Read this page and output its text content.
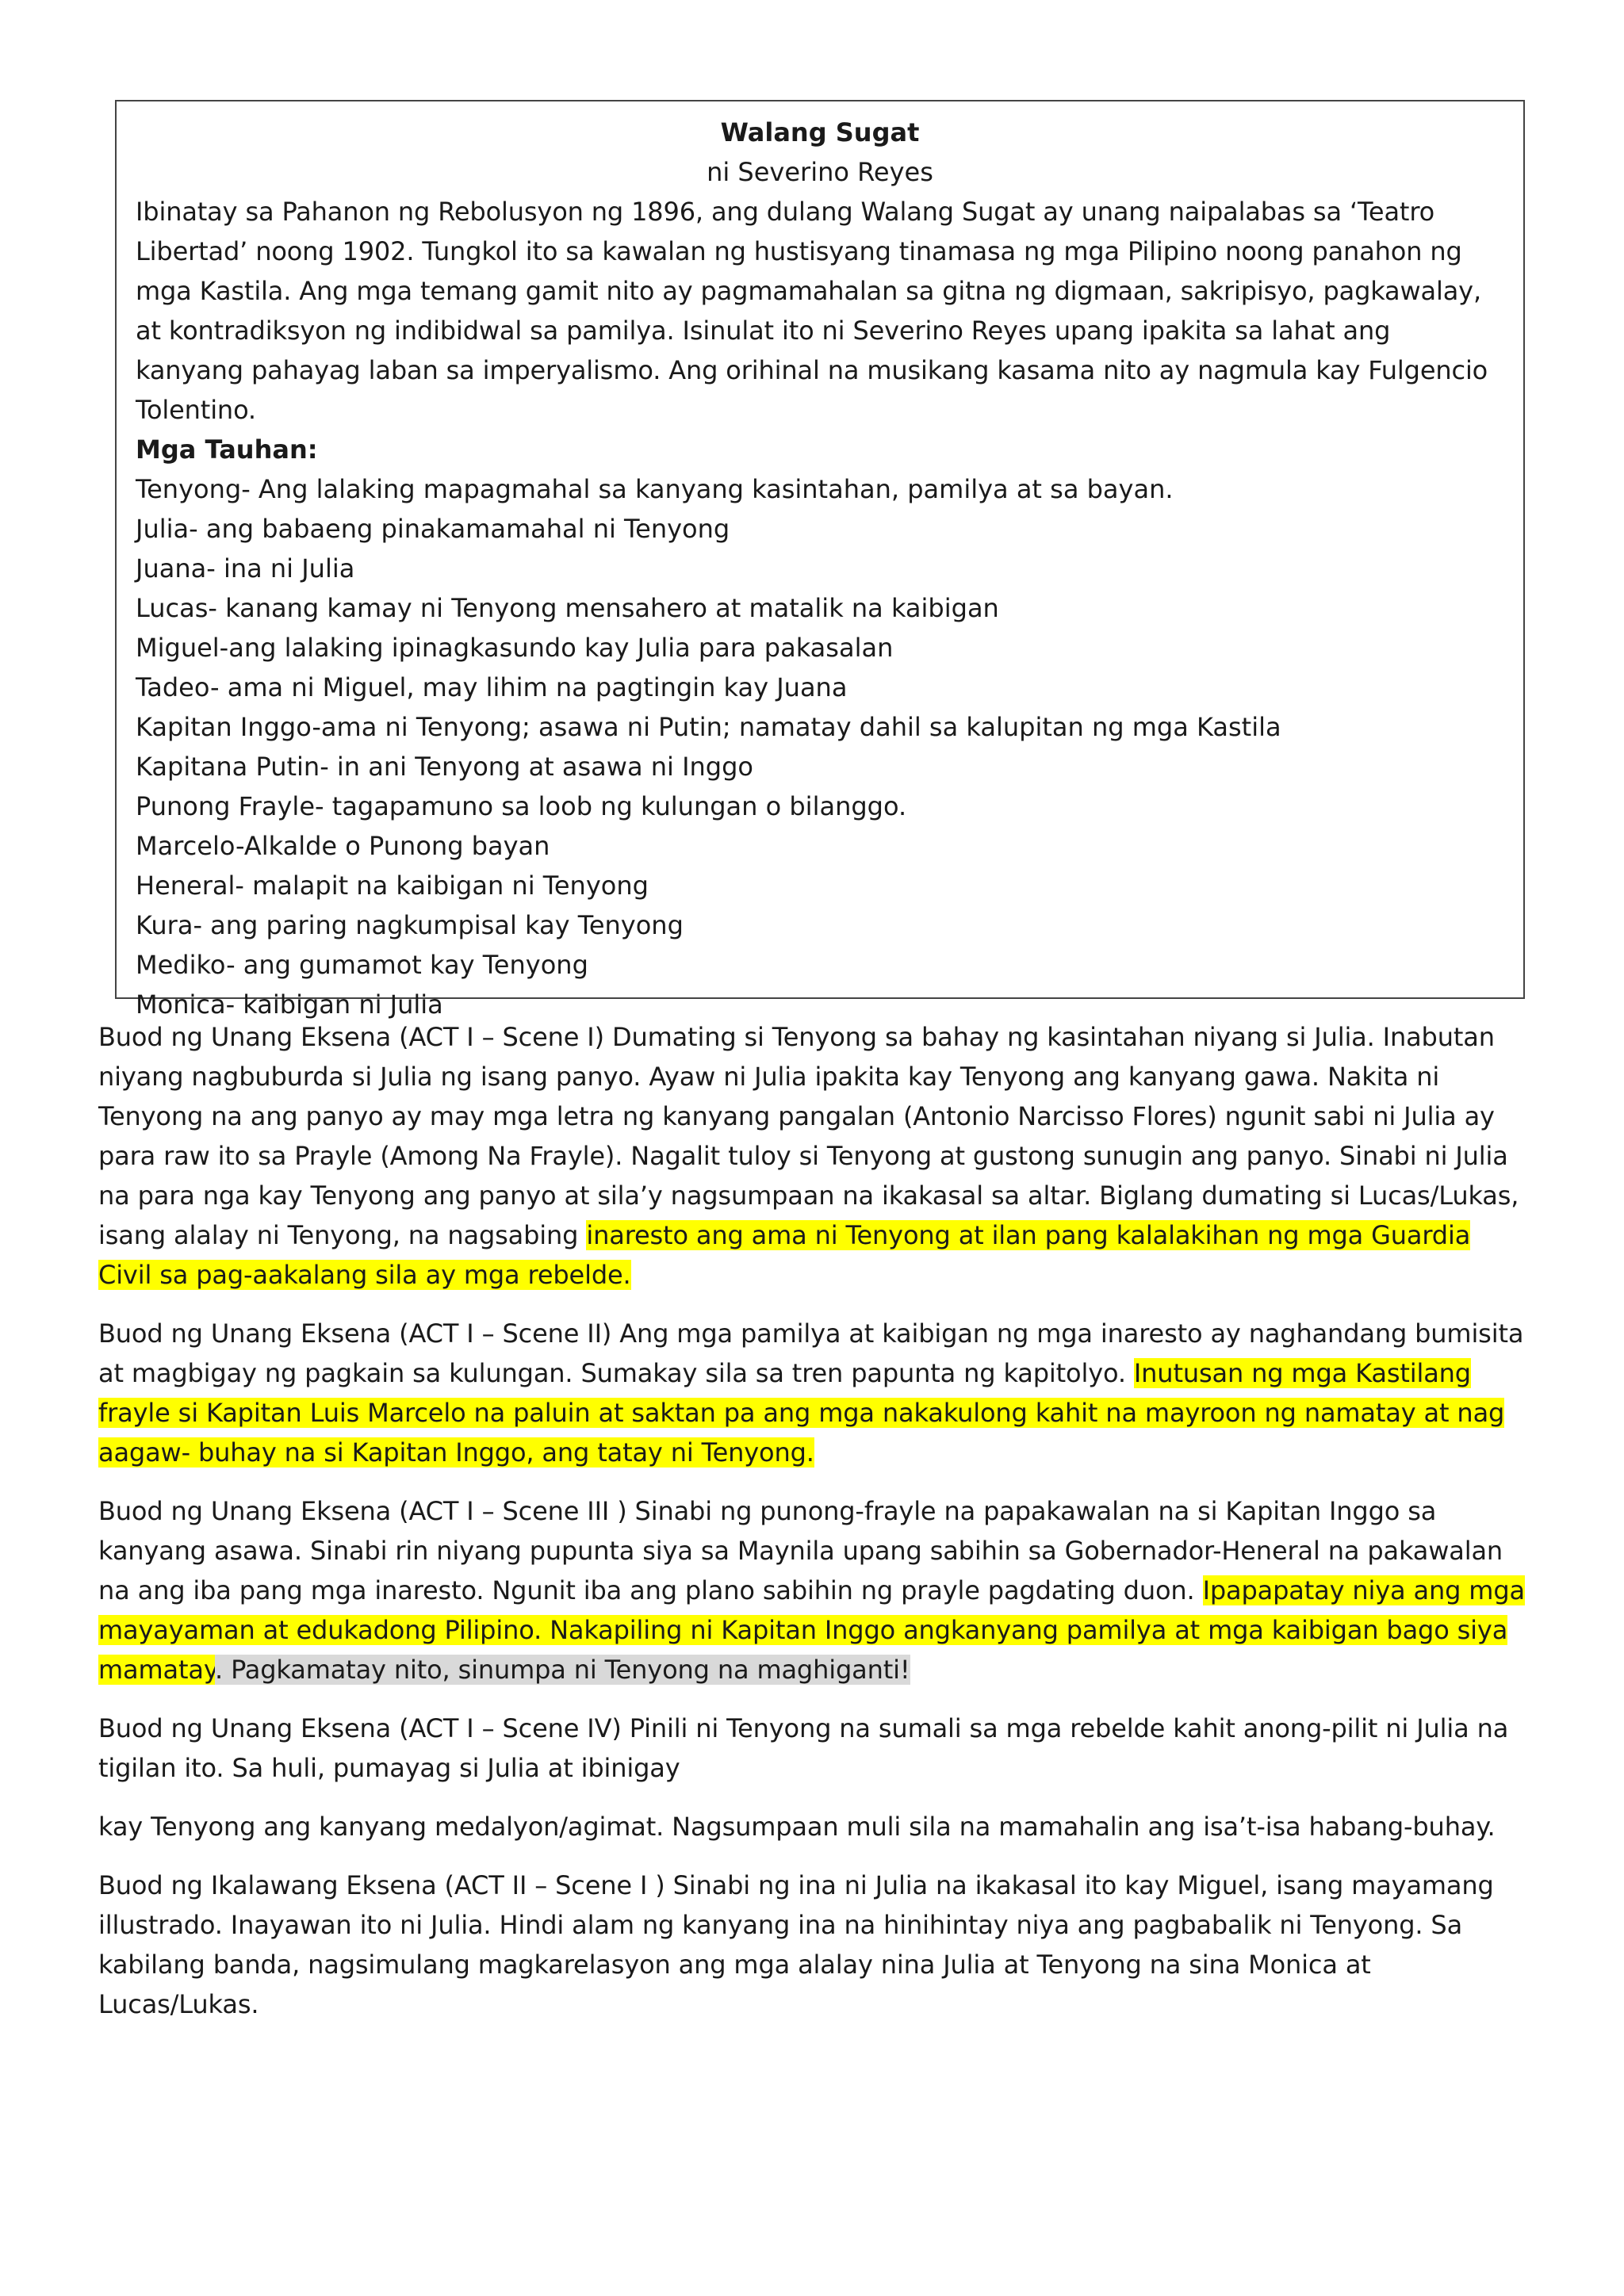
Walang Sugat

ni Severino Reyes

Ibinatay sa Pahanon ng Rebolusyon ng 1896, ang dulang Walang Sugat ay unang naipalabas sa ‘Teatro Libertad’ noong 1902. Tungkol ito sa kawalan ng hustisyang tinamasa ng mga Pilipino noong panahon ng mga Kastila. Ang mga temang gamit nito ay pagmamahalan sa gitna ng digmaan, sakripisyo, pagkawalay, at kontradiksyon ng indibidwal sa pamilya. Isinulat ito ni Severino Reyes upang ipakita sa lahat ang kanyang pahayag laban sa imperyalismo. Ang orihinal na musikang kasama nito ay nagmula kay Fulgencio Tolentino.

Mga Tauhan:

Tenyong- Ang lalaking mapagmahal sa kanyang kasintahan, pamilya at sa bayan.
Julia- ang babaeng pinakamamahal ni Tenyong
Juana- ina ni Julia
Lucas- kanang kamay ni Tenyong mensahero at matalik na kaibigan
Miguel-ang lalaking ipinagkasundo kay Julia para pakasalan
Tadeo- ama ni Miguel, may lihim na pagtingin kay Juana
Kapitan Inggo-ama ni Tenyong; asawa ni Putin; namatay dahil sa kalupitan ng mga Kastila
Kapitana Putin- in ani Tenyong at asawa ni Inggo
Punong Frayle- tagapamuno sa loob ng kulungan o bilanggo.
Marcelo-Alkalde o Punong bayan
Heneral- malapit na kaibigan ni Tenyong
Kura- ang paring nagkumpisal kay Tenyong
Mediko- ang gumamot kay Tenyong
Monica- kaibigan ni Julia

Buod ng Unang Eksena (ACT I – Scene I) Dumating si Tenyong sa bahay ng kasintahan niyang si Julia. Inabutan niyang nagbuburda si Julia ng isang panyo. Ayaw ni Julia ipakita kay Tenyong ang kanyang gawa. Nakita ni Tenyong na ang panyo ay may mga letra ng kanyang pangalan (Antonio Narcisso Flores) ngunit sabi ni Julia ay para raw ito sa Prayle (Among Na Frayle). Nagalit tuloy si Tenyong at gustong sunugin ang panyo. Sinabi ni Julia na para nga kay Tenyong ang panyo at sila’y nagsumpaan na ikakasal sa altar. Biglang dumating si Lucas/Lukas, isang alalay ni Tenyong, na nagsabing inaresto ang ama ni Tenyong at ilan pang kalalakihan ng mga Guardia Civil sa pag-aakalang sila ay mga rebelde.

Buod ng Unang Eksena (ACT I – Scene II) Ang mga pamilya at kaibigan ng mga inaresto ay naghandang bumisita at magbigay ng pagkain sa kulungan. Sumakay sila sa tren papunta ng kapitolyo. Inutusan ng mga Kastilang frayle si Kapitan Luis Marcelo na paluin at saktan pa ang mga nakakulong kahit na mayroon ng namatay at nag aagaw- buhay na si Kapitan Inggo, ang tatay ni Tenyong.

Buod ng Unang Eksena (ACT I – Scene III ) Sinabi ng punong-frayle na papakawalan na si Kapitan Inggo sa kanyang asawa. Sinabi rin niyang pupunta siya sa Maynila upang sabihin sa Gobernador-Heneral na pakawalan na ang iba pang mga inaresto. Ngunit iba ang plano sabihin ng prayle pagdating duon. Ipapapatay niya ang mga mayayaman at edukadong Pilipino. Nakapiling ni Kapitan Inggo angkanyang pamilya at mga kaibigan bago siya mamatay. Pagkamatay nito, sinumpa ni Tenyong na maghiganti!

Buod ng Unang Eksena (ACT I – Scene IV) Pinili ni Tenyong na sumali sa mga rebelde kahit anong-pilit ni Julia na tigilan ito. Sa huli, pumayag si Julia at ibinigay

kay Tenyong ang kanyang medalyon/agimat. Nagsumpaan muli sila na mamahalin ang isa’t-isa habang-buhay.

Buod ng Ikalawang Eksena (ACT II – Scene I ) Sinabi ng ina ni Julia na ikakasal ito kay Miguel, isang mayamang illustrado. Inayawan ito ni Julia. Hindi alam ng kanyang ina na hinihintay niya ang pagbabalik ni Tenyong. Sa kabilang banda, nagsimulang magkarelasyon ang mga alalay nina Julia at Tenyong na sina Monica at Lucas/Lukas.
